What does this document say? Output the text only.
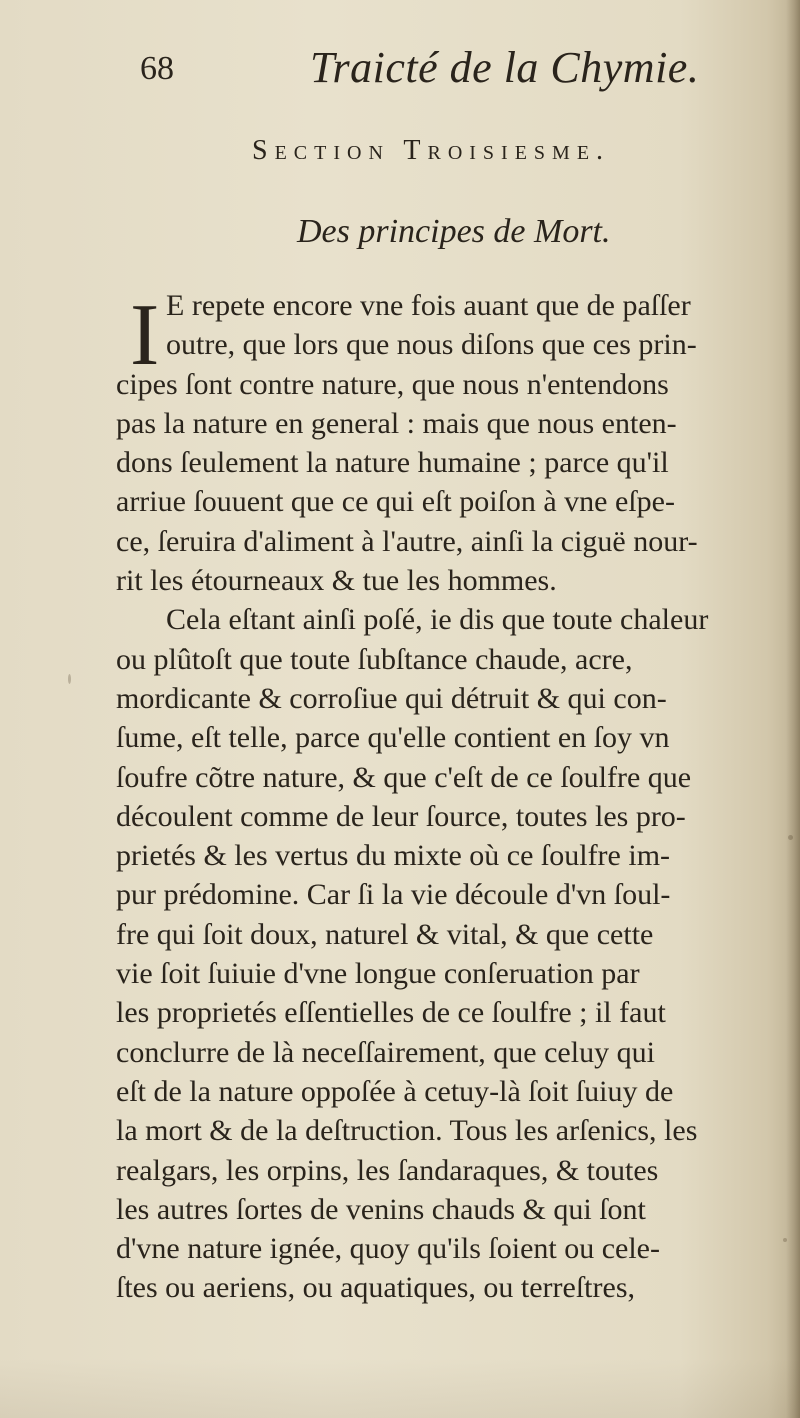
68	Traicté de la Chymie.
Section Troisiesme.
Des principes de Mort.
I E repete encore vne fois auant que de paſſer
outre, que lors que nous diſons que ces prin-
cipes ſont contre nature, que nous n'entendons
pas la nature en general : mais que nous enten-
dons ſeulement la nature humaine ; parce qu'il
arriue ſouuent que ce qui eſt poiſon à vne eſpe-
ce, ſeruira d'aliment à l'autre, ainſi la ciguë nour-
rit les étourneaux & tue les hommes.
Cela eſtant ainſi poſé, ie dis que toute chaleur
ou plûtoſt que toute ſubſtance chaude, acre,
mordicante & corroſiue qui détruit & qui con-
ſume, eſt telle, parce qu'elle contient en ſoy vn
ſoufre cõtre nature, & que c'eſt de ce ſoulfre que
découlent comme de leur ſource, toutes les pro-
prietés & les vertus du mixte où ce ſoulfre im-
pur prédomine. Car ſi la vie découle d'vn ſoul-
fre qui ſoit doux, naturel & vital, & que cette
vie ſoit ſuiuie d'vne longue conſeruation par
les proprietés eſſentielles de ce ſoulfre ; il faut
conclurre de là neceſſairement, que celuy qui
eſt de la nature oppoſée à cetuy-là ſoit ſuiuy de
la mort & de la deſtruction. Tous les arſenics, les
realgars, les orpins, les ſandaraques, & toutes
les autres ſortes de venins chauds & qui ſont
d'vne nature ignée, quoy qu'ils ſoient ou cele-
ſtes ou aeriens, ou aquatiques, ou terreſtres,
